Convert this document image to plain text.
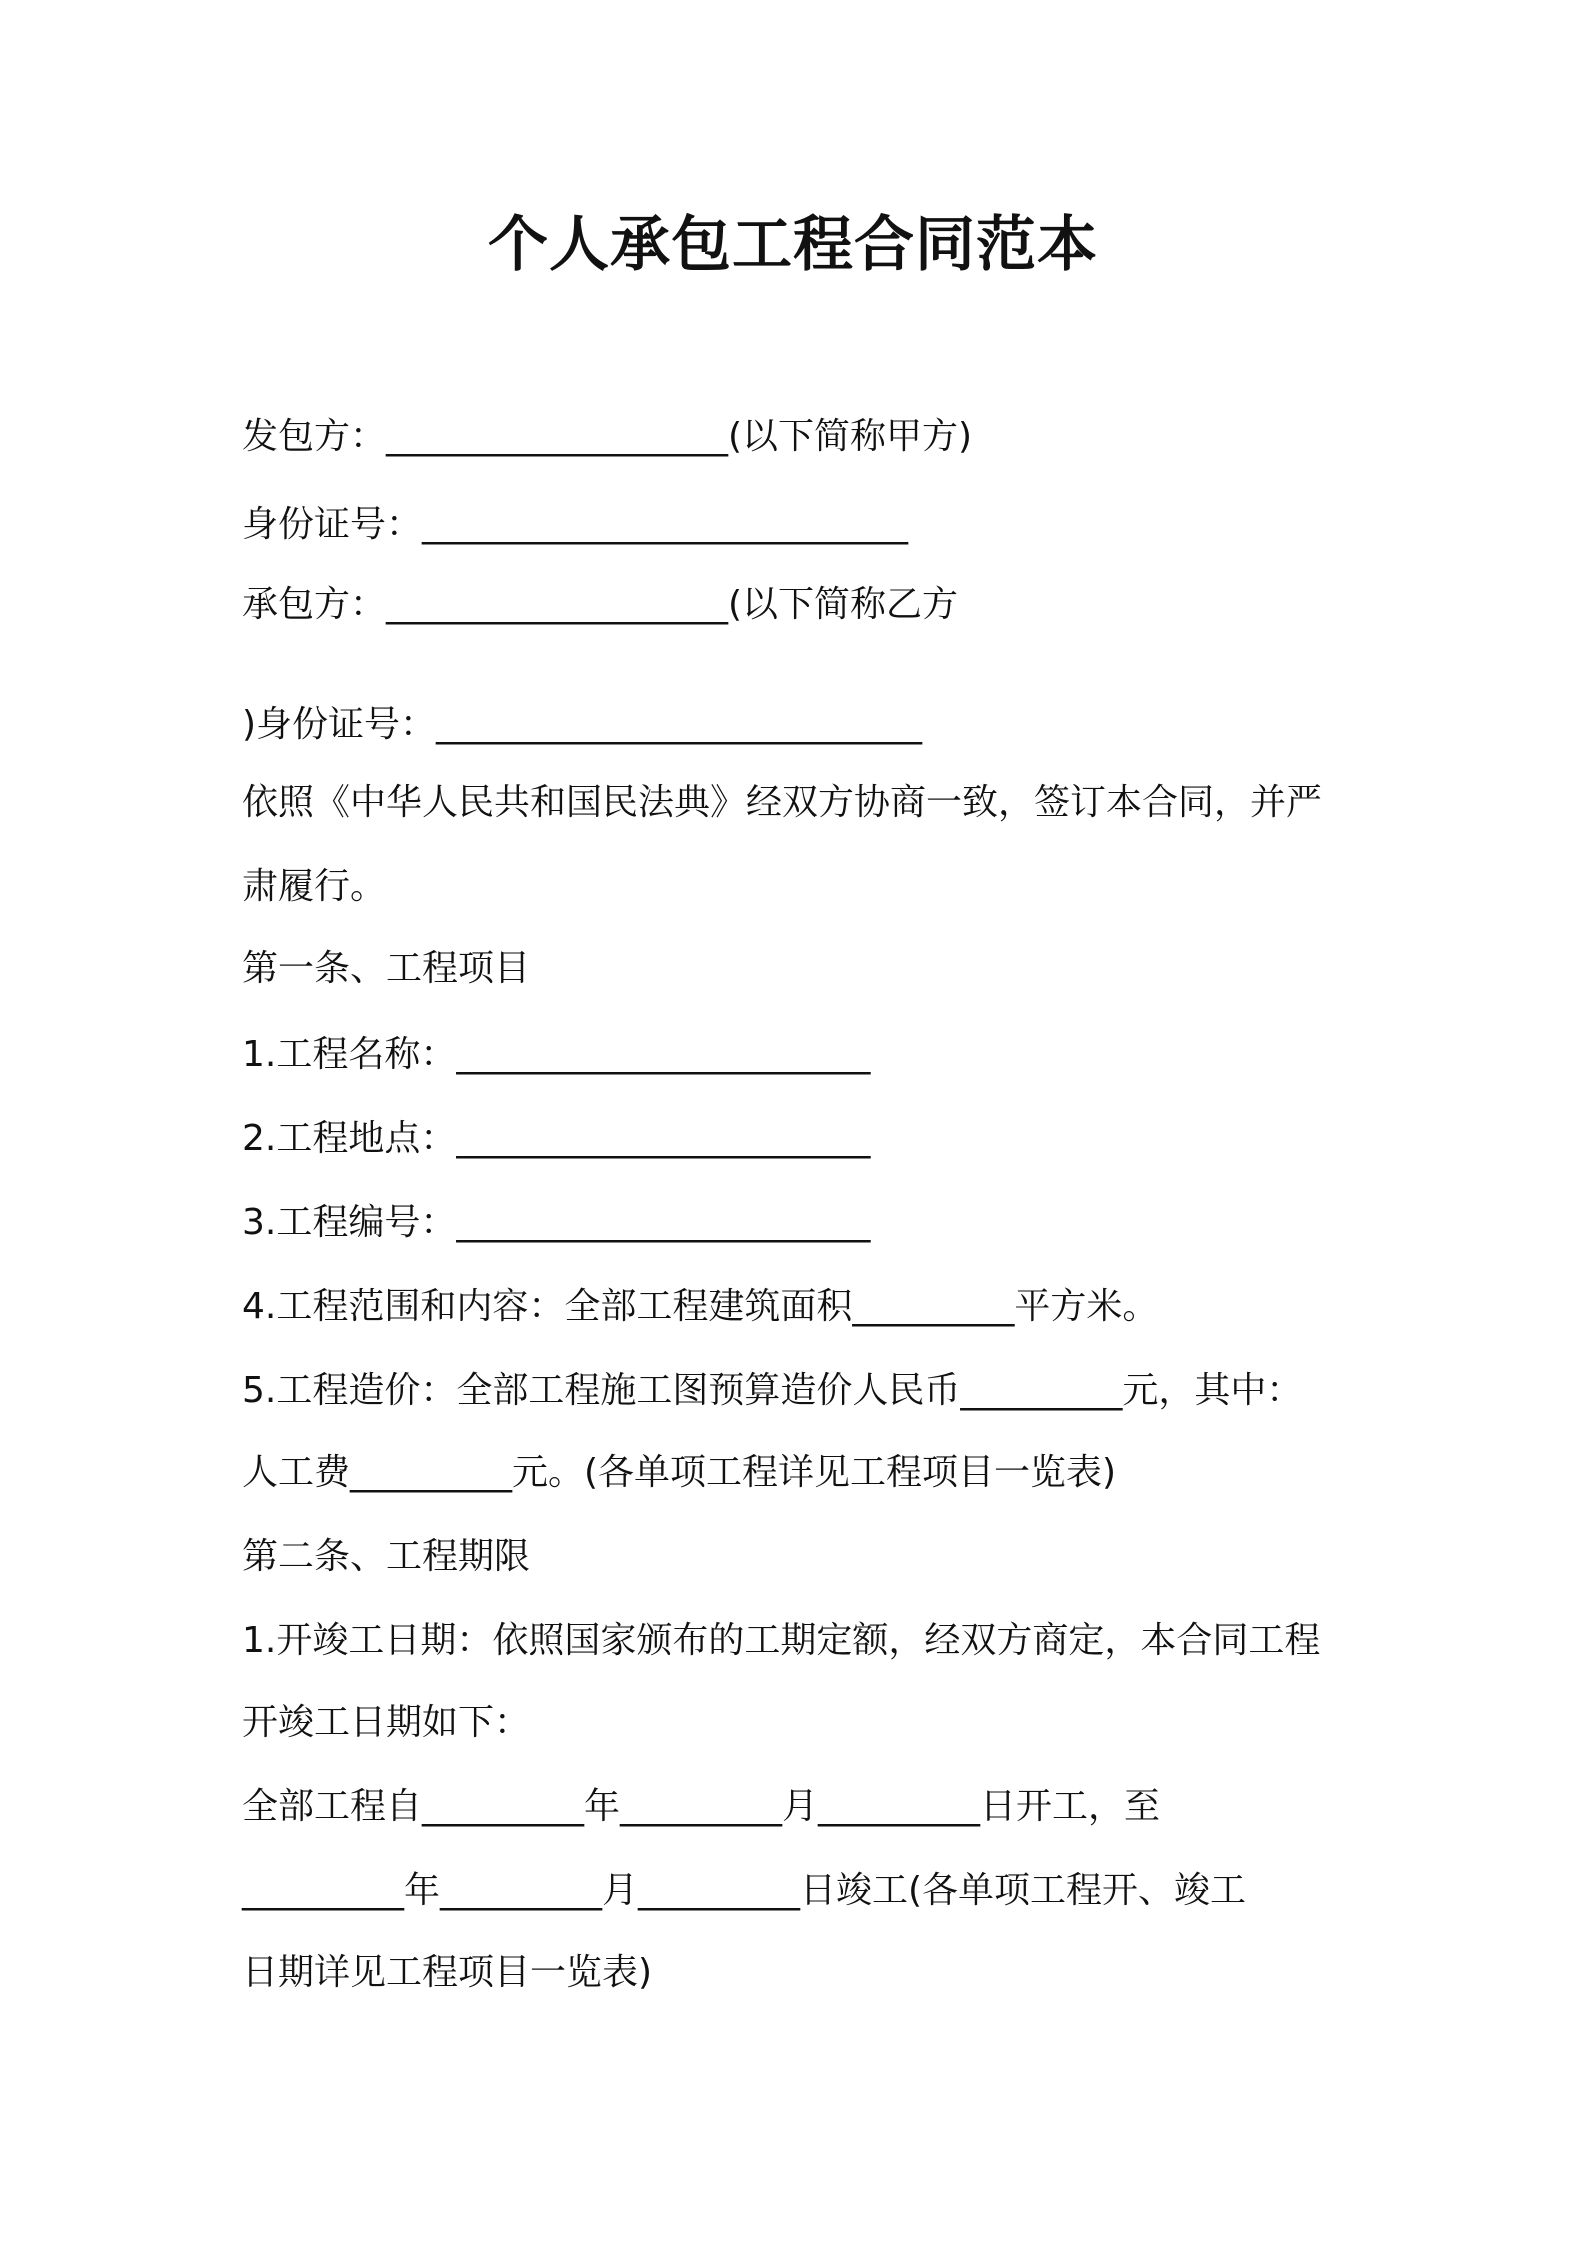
个人承包工程合同范本
发包方：___________________(以下简称甲方)
身份证号：___________________________
承包方：___________________(以下简称乙方
)身份证号：___________________________
依照《中华人民共和国民法典》经双方协商一致，签订本合同，并严
肃履行。
第一条、工程项目
1.工程名称：_______________________
2.工程地点：_______________________
3.工程编号：_______________________
4.工程范围和内容：全部工程建筑面积_________平方米。
5.工程造价：全部工程施工图预算造价人民币_________元，其中：
人工费_________元。(各单项工程详见工程项目一览表)
第二条、工程期限
1.开竣工日期：依照国家颁布的工期定额，经双方商定，本合同工程
开竣工日期如下：
全部工程自_________年_________月_________日开工，至
_________年_________月_________日竣工(各单项工程开、竣工
日期详见工程项目一览表)
